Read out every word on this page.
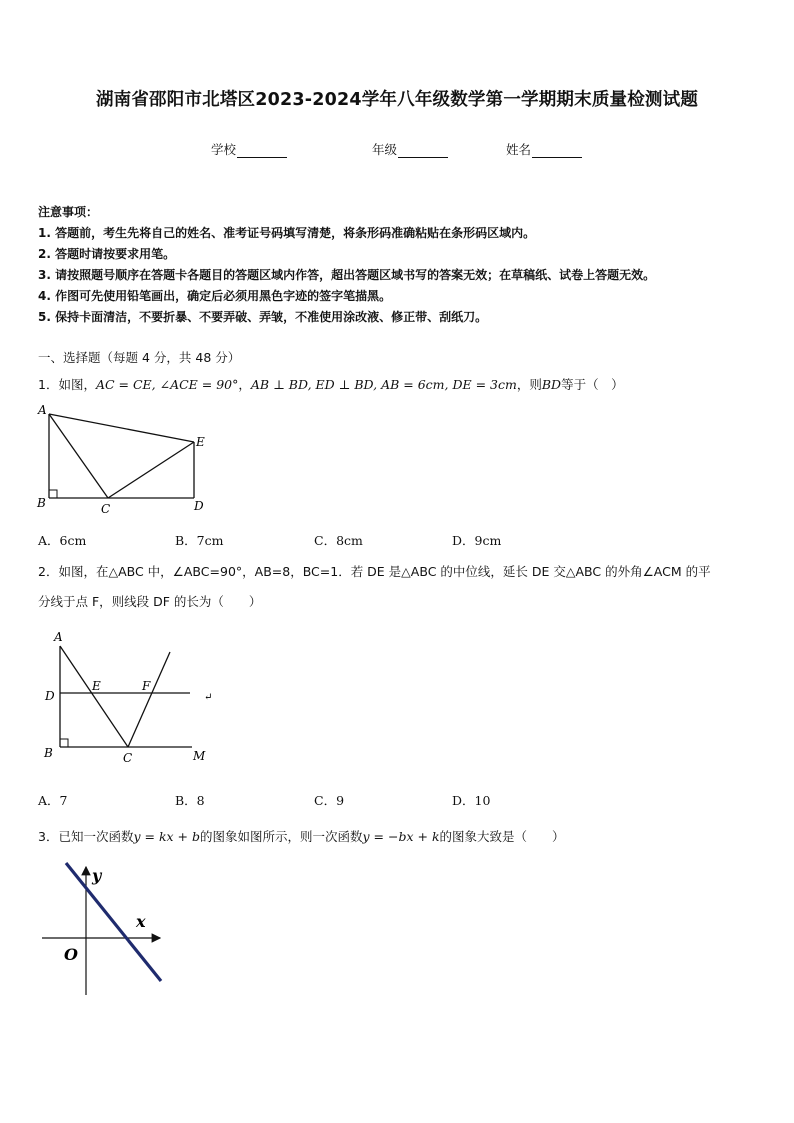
湖南省邵阳市北塔区2023-2024学年八年级数学第一学期期末质量检测试题
学校	年级	姓名
注意事项：
1. 答题前，考生先将自己的姓名、准考证号码填写清楚，将条形码准确粘贴在条形码区域内。
2. 答题时请按要求用笔。
3. 请按照题号顺序在答题卡各题目的答题区域内作答，超出答题区域书写的答案无效；在草稿纸、试卷上答题无效。
4. 作图可先使用铅笔画出，确定后必须用黑色字迹的签字笔描黑。
5. 保持卡面清洁，不要折暴、不要弄破、弄皱，不准使用涂改液、修正带、刮纸刀。
一、选择题（每题 4 分，共 48 分）
1．如图，AC = CE, ∠ACE = 90°，AB ⊥ BD, ED ⊥ BD, AB = 6cm, DE = 3cm，则BD等于（　）
A
B	C	D
E
A．6cm	B．7cm	C．8cm	D．9cm
2．如图，在△ABC 中，∠ABC=90°，AB=8，BC=1．若 DE 是△ABC 的中位线，延长 DE 交△ABC 的外角∠ACM 的平
分线于点 F，则线段 DF 的长为（　　）
A
D
E	F
B	C	M
↵
A．7	B．8	C．9	D．10
3．已知一次函数y = kx + b的图象如图所示，则一次函数y = −bx + k的图象大致是（　　）
y
x
O
